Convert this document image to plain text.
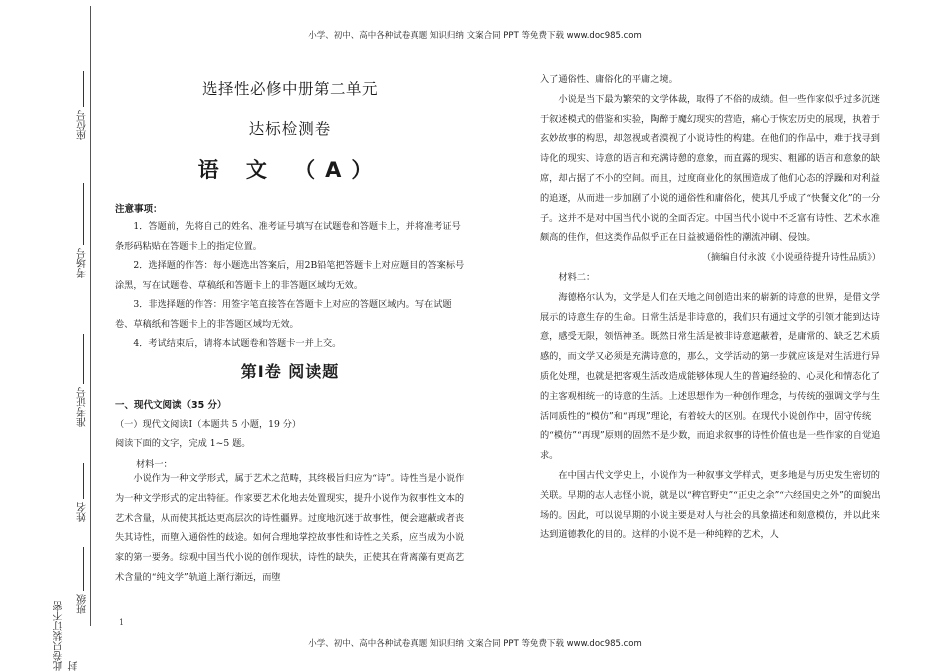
小学、初中、高中各种试卷真题 知识归纳 文案合同 PPT 等免费下载 www.doc985.com
小学、初中、高中各种试卷真题 知识归纳 文案合同 PPT 等免费下载 www.doc985.com
1
座位号
考场号
准考证号
姓名
班级
此卷只装订不密封
选择性必修中册第二单元
达标检测卷
语 文 （A）
注意事项：

1．答题前，先将自己的姓名、准考证号填写在试题卷和答题卡上，并将准考证号条形码粘贴在答题卡上的指定位置。

2．选择题的作答：每小题选出答案后，用2B铅笔把答题卡上对应题目的答案标号涂黑，写在试题卷、草稿纸和答题卡上的非答题区域均无效。

3．非选择题的作答：用签字笔直接答在答题卡上对应的答题区域内。写在试题卷、草稿纸和答题卡上的非答题区域均无效。

4．考试结束后，请将本试题卷和答题卡一并上交。

第Ⅰ卷 阅读题
一、现代文阅读（35 分）
（一）现代文阅读Ⅰ（本题共 5 小题，19 分）
阅读下面的文字，完成 1~5 题。
材料一：

小说作为一种文学形式，属于艺术之范畴，其终极旨归应为“诗”。诗性当是小说作为一种文学形式的定出特征。作家要艺术化地去处置现实，提升小说作为叙事性文本的艺术含量，从而使其抵达更高层次的诗性疆界。过度地沉迷于故事性，便会遮蔽或者丧失其诗性，而堕入通俗性的歧途。如何合理地掌控故事性和诗性之关系，应当成为小说家的第一要务。综观中国当代小说的创作现状，诗性的缺失，正使其在背离藻有更高艺术含量的“纯文学”轨道上渐行渐远，而堕

入了通俗性、庸俗化的平庸之境。

小说是当下最为繁荣的文学体裁，取得了不俗的成绩。但一些作家似乎过多沉迷于叙述模式的借鉴和实验，陶醉于魔幻现实的营造，痛心于恢宏历史的展现，执着于玄妙故事的构思，却忽视或者漠视了小说诗性的构建。在他们的作品中，难于找寻到诗化的现实、诗意的语言和充满诗憩的意象，而直露的现实、粗鄙的语言和意象的缺席，却占据了不小的空间。而且，过度商业化的氛围造成了他们心态的浮躁和对利益的追逐，从而进一步加剧了小说的通俗性和庸俗化，使其几乎成了“快餐文化”的一分子。这并不是对中国当代小说的全面否定。中国当代小说中不乏富有诗性、艺术水准颇高的佳作，但这类作品似乎正在日益被通俗性的潮流冲刷、侵蚀。

（摘编自付永波《小说亟待提升诗性品质》）

材料二：

海德格尔认为，文学是人们在天地之间创造出来的崭新的诗意的世界，是借文学展示的诗意生存的生命。日常生活是非诗意的，我们只有通过文学的引领才能到达诗意，感受无限，领悟神圣。既然日常生活是被非诗意遮蔽着，是庸常的、缺乏艺术质感的，而文学又必须是充满诗意的，那么，文学活动的第一步就应该是对生活进行异质化处理，也就是把客观生活改造成能够体现人生的普遍经验的、心灵化和情态化了的主客观相统一的诗意的生活。上述思想作为一种创作理念，与传统的强调文学与生活同质性的“模仿”和“再现”理论，有着较大的区别。在现代小说创作中，固守传统的“模仿”“再现”原则的固然不是少数，而追求叙事的诗性价值也是一些作家的自觉追求。

在中国古代文学史上，小说作为一种叙事文学样式，更多地是与历史发生密切的关联。早期的志人志怪小说，就是以“稗官野史”“正史之余”“六经国史之外”的面貌出场的。因此，可以说早期的小说主要是对人与社会的具象描述和刻意模仿，并以此来达到道德教化的目的。这样的小说不是一种纯粹的艺术，人
